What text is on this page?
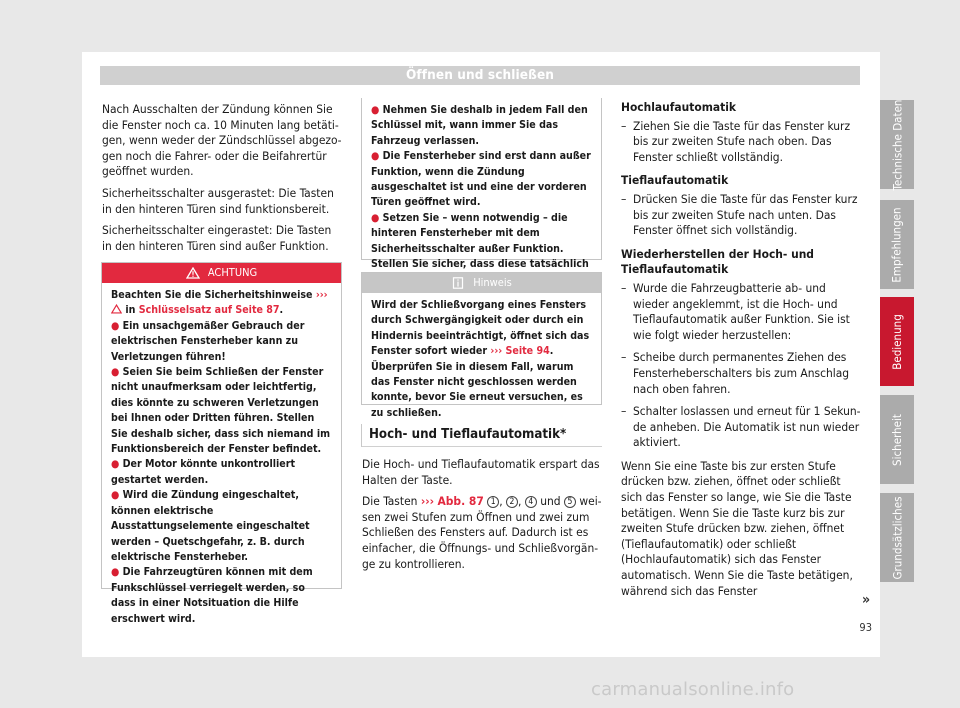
Öffnen und schließen

Nach Ausschalten der Zündung können Sie die Fenster noch ca. 10 Minuten lang betätigen, wenn weder der Zündschlüssel abgezogen noch die Fahrer- oder die Beifahrertür geöffnet wurden.

Sicherheitsschalter ausgerastet: Die Tasten in den hinteren Türen sind funktionsbereit.

Sicherheitsschalter eingerastet: Die Tasten in den hinteren Türen sind außer Funktion.

ACHTUNG

Beachten Sie die Sicherheitshinweise ›››  in Schlüsselsatz auf Seite 87.

● Ein unsachgemäßer Gebrauch der elektrischen Fensterheber kann zu Verletzungen führen!

● Seien Sie beim Schließen der Fenster nicht unaufmerksam oder leichtfertig, dies könnte zu schweren Verletzungen bei Ihnen oder Dritten führen. Stellen Sie deshalb sicher, dass sich niemand im Funktionsbereich der Fenster befindet.

● Der Motor könnte unkontrolliert gestartet werden.

● Wird die Zündung eingeschaltet, können elektrische Ausstattungselemente eingeschaltet werden – Quetschgefahr, z. B. durch elektrische Fensterheber.

● Die Fahrzeugtüren können mit dem Funkschlüssel verriegelt werden, so dass in einer Notsituation die Hilfe erschwert wird.

● Nehmen Sie deshalb in jedem Fall den Schlüssel mit, wann immer Sie das Fahrzeug verlassen.

● Die Fensterheber sind erst dann außer Funktion, wenn die Zündung ausgeschaltet ist und eine der vorderen Türen geöffnet wird.

● Setzen Sie – wenn notwendig – die hinteren Fensterheber mit dem Sicherheitsschalter außer Funktion. Stellen Sie sicher, dass diese tatsächlich

Hinweis

Wird der Schließvorgang eines Fensters durch Schwergängigkeit oder durch ein Hindernis beeinträchtigt, öffnet sich das Fenster sofort wieder ››› Seite 94. Überprüfen Sie in diesem Fall, warum das Fenster nicht geschlossen werden konnte, bevor Sie erneut versuchen, es zu schließen.

Hoch- und Tieflaufautomatik*

Die Hoch- und Tieflaufautomatik erspart das Halten der Taste.

Die Tasten ››› Abb. 87 1 , 2 , 4 und 5 weisen zwei Stufen zum Öffnen und zwei zum Schließen des Fensters auf. Dadurch ist es einfacher, die Öffnungs- und Schließvorgänge zu kontrollieren.

Hochlaufautomatik

– Ziehen Sie die Taste für das Fenster kurz bis zur zweiten Stufe nach oben. Das Fenster schließt vollständig.

Tieflaufautomatik

– Drücken Sie die Taste für das Fenster kurz bis zur zweiten Stufe nach unten. Das Fenster öffnet sich vollständig.

Wiederherstellen der Hoch- und Tieflaufautomatik

– Wurde die Fahrzeugbatterie ab- und wieder angeklemmt, ist die Hoch- und Tieflaufautomatik außer Funktion. Sie ist wie folgt wieder herzustellen:
– Scheibe durch permanentes Ziehen des Fensterheberschalters bis zum Anschlag nach oben fahren.
– Schalter loslassen und erneut für 1 Sekunde anheben. Die Automatik ist nun wieder aktiviert.

Wenn Sie eine Taste bis zur ersten Stufe drücken bzw. ziehen, öffnet oder schließt sich das Fenster so lange, wie Sie die Taste betätigen. Wenn Sie die Taste kurz bis zur zweiten Stufe drücken bzw. ziehen, öffnet (Tieflaufautomatik) oder schließt (Hochlaufautomatik) sich das Fenster automatisch. Wenn Sie die Taste betätigen, während sich das Fenster

»
93
Technische Daten
Empfehlungen
Bedienung
Sicherheit
Grundsätzliches
carmanualsonline.info
